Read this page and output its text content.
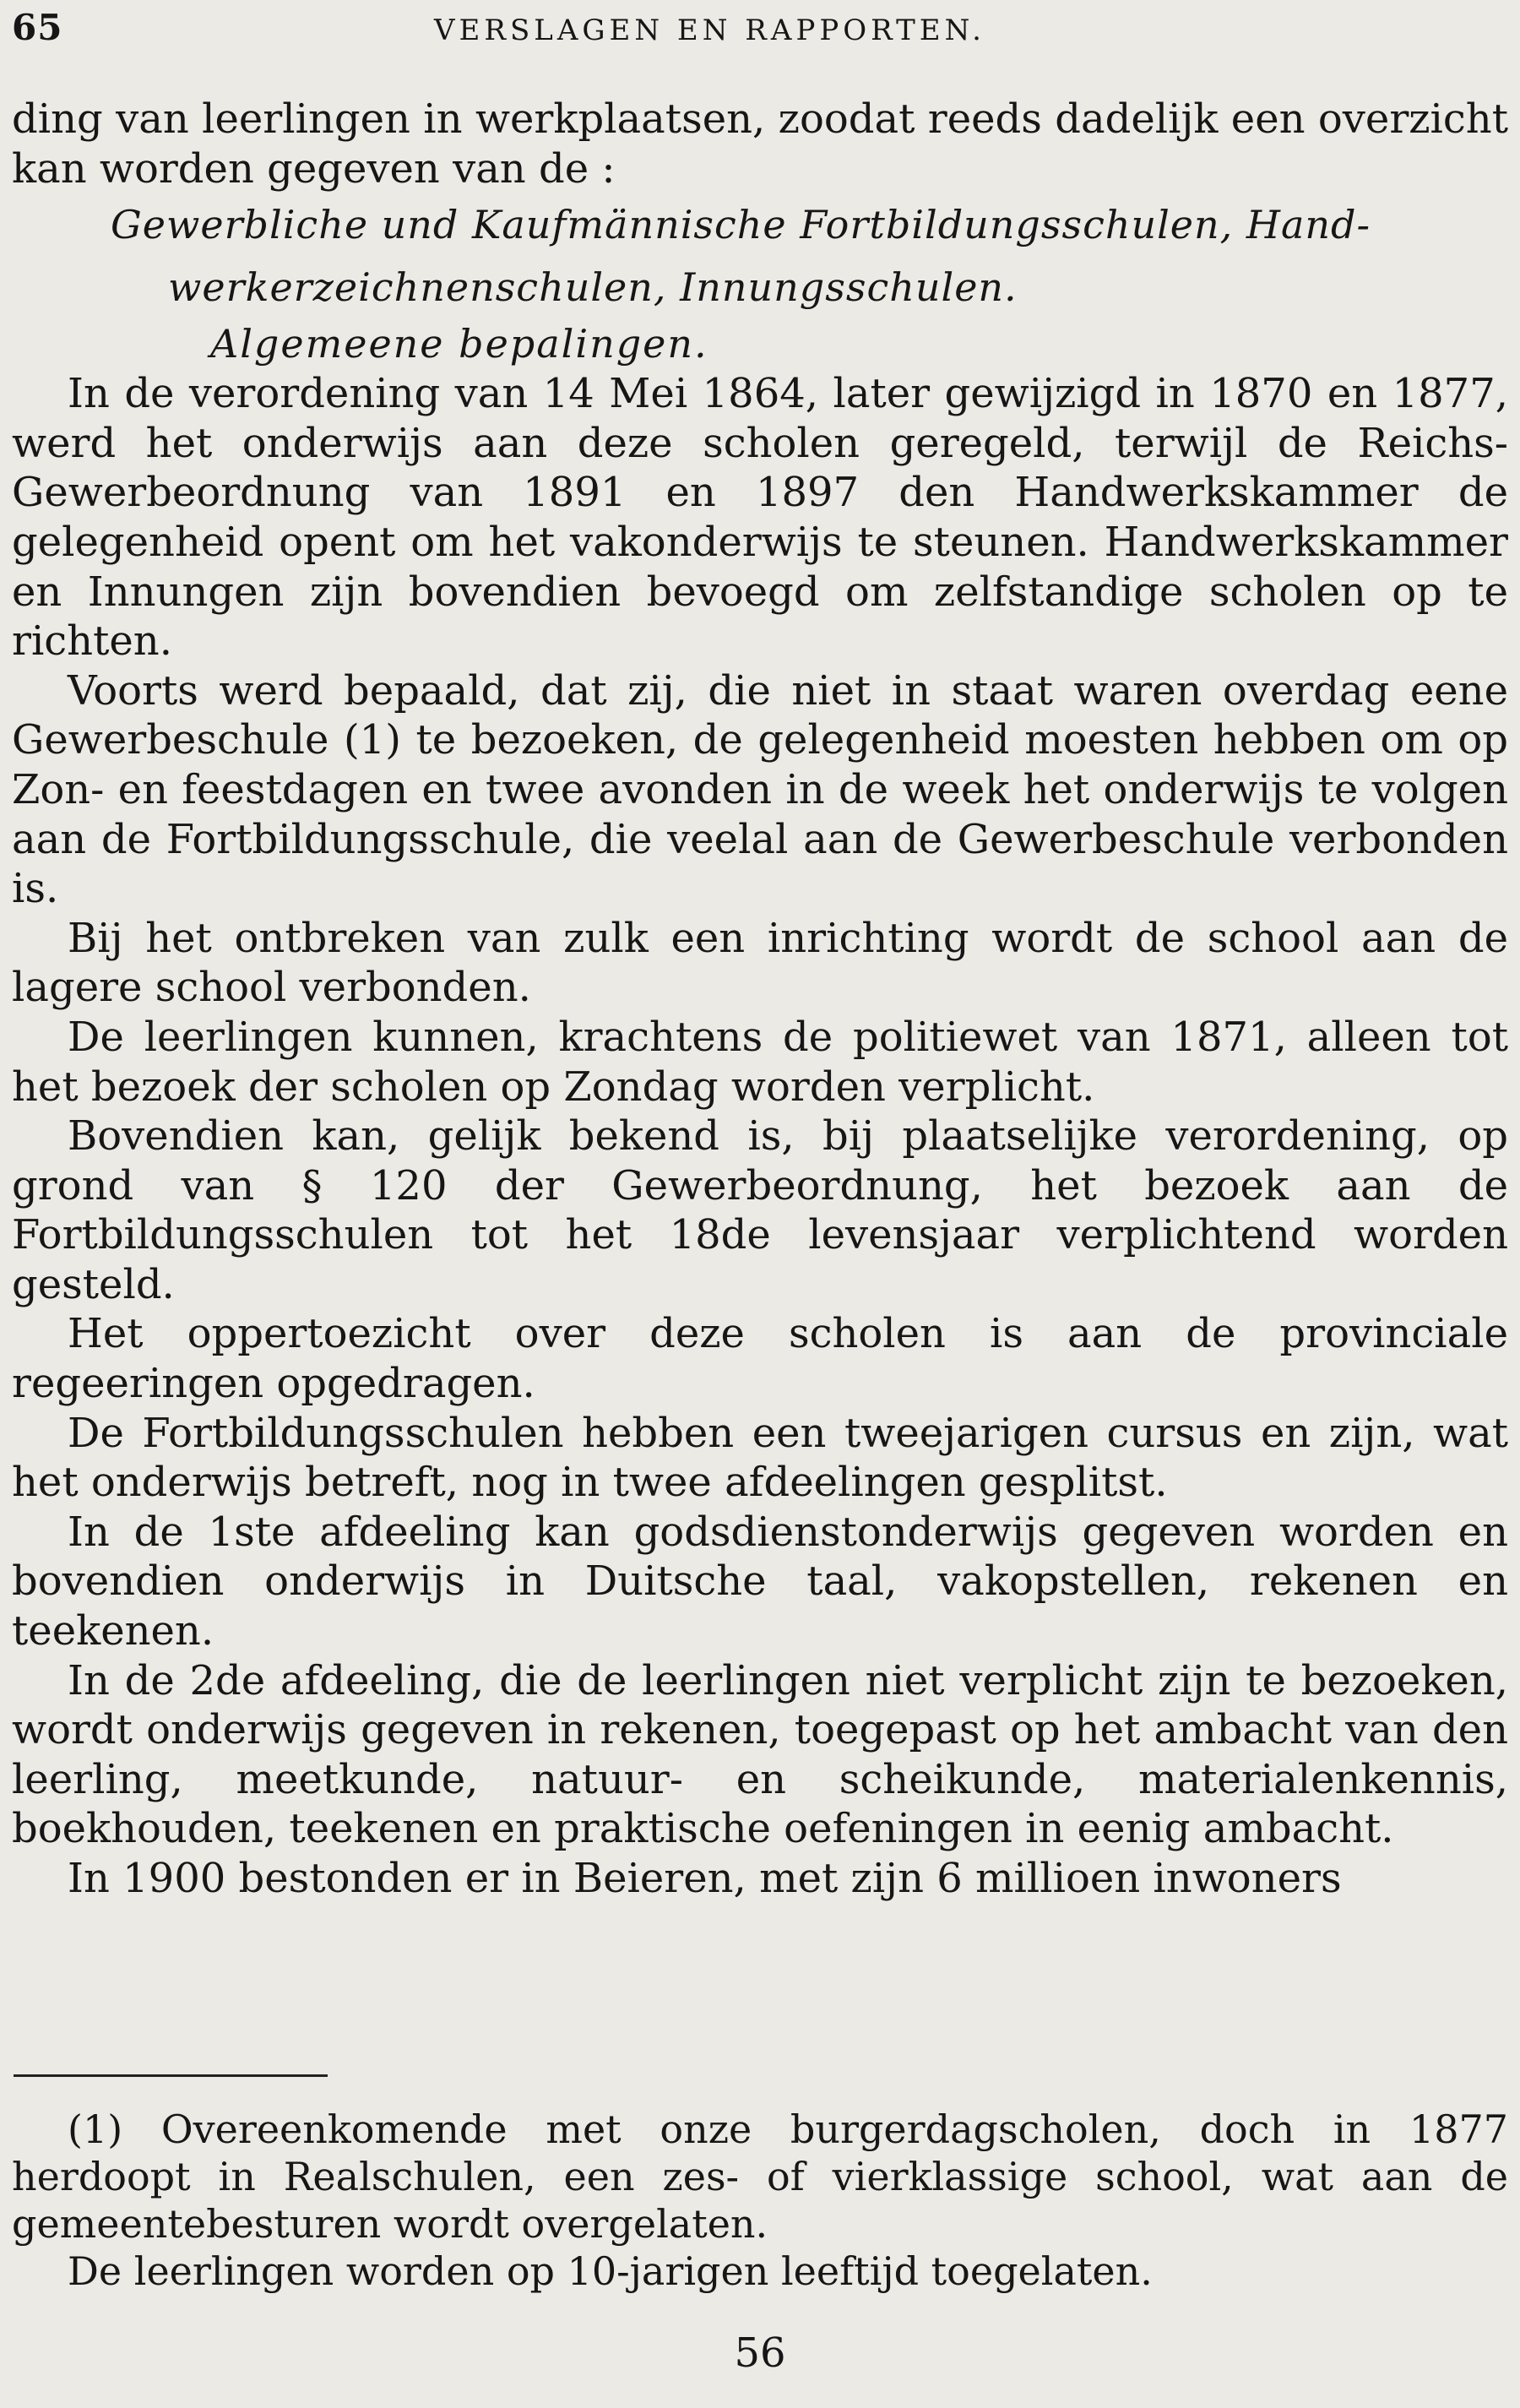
65	VERSLAGEN EN RAPPORTEN.

ding van leerlingen in werkplaatsen, zoodat reeds dadelijk een overzicht kan worden gegeven van de :

Gewerbliche und Kaufmännische Fortbildungsschulen, Hand-
werkerzeichnenschulen, Innungsschulen.

Algemeene bepalingen.

In de verordening van 14 Mei 1864, later gewijzigd in 1870 en 1877, werd het onderwijs aan deze scholen geregeld, terwijl de Reichs-Gewerbeordnung van 1891 en 1897 den Handwerkskammer de gelegenheid opent om het vakonderwijs te steunen. Handwerkskammer en Innungen zijn bovendien bevoegd om zelfstandige scholen op te richten.

Voorts werd bepaald, dat zij, die niet in staat waren overdag eene Gewerbeschule (1) te bezoeken, de gelegenheid moesten hebben om op Zon- en feestdagen en twee avonden in de week het onderwijs te volgen aan de Fortbildungsschule, die veelal aan de Gewerbeschule verbonden is.

Bij het ontbreken van zulk een inrichting wordt de school aan de lagere school verbonden.

De leerlingen kunnen, krachtens de politiewet van 1871, alleen tot het bezoek der scholen op Zondag worden verplicht.

Bovendien kan, gelijk bekend is, bij plaatselijke verordening, op grond van § 120 der Gewerbeordnung, het bezoek aan de Fortbildungsschulen tot het 18de levensjaar verplichtend worden gesteld.

Het oppertoezicht over deze scholen is aan de provinciale regeeringen opgedragen.

De Fortbildungsschulen hebben een tweejarigen cursus en zijn, wat het onderwijs betreft, nog in twee afdeelingen gesplitst.

In de 1ste afdeeling kan godsdienstonderwijs gegeven worden en bovendien onderwijs in Duitsche taal, vakopstellen, rekenen en teekenen.

In de 2de afdeeling, die de leerlingen niet verplicht zijn te bezoeken, wordt onderwijs gegeven in rekenen, toegepast op het ambacht van den leerling, meetkunde, natuur- en scheikunde, materialenkennis, boekhouden, teekenen en praktische oefeningen in eenig ambacht.

In 1900 bestonden er in Beieren, met zijn 6 millioen inwoners

(1) Overeenkomende met onze burgerdagscholen, doch in 1877 herdoopt in Realschulen, een zes- of vierklassige school, wat aan de gemeentebesturen wordt overgelaten.

De leerlingen worden op 10-jarigen leeftijd toegelaten.

56
